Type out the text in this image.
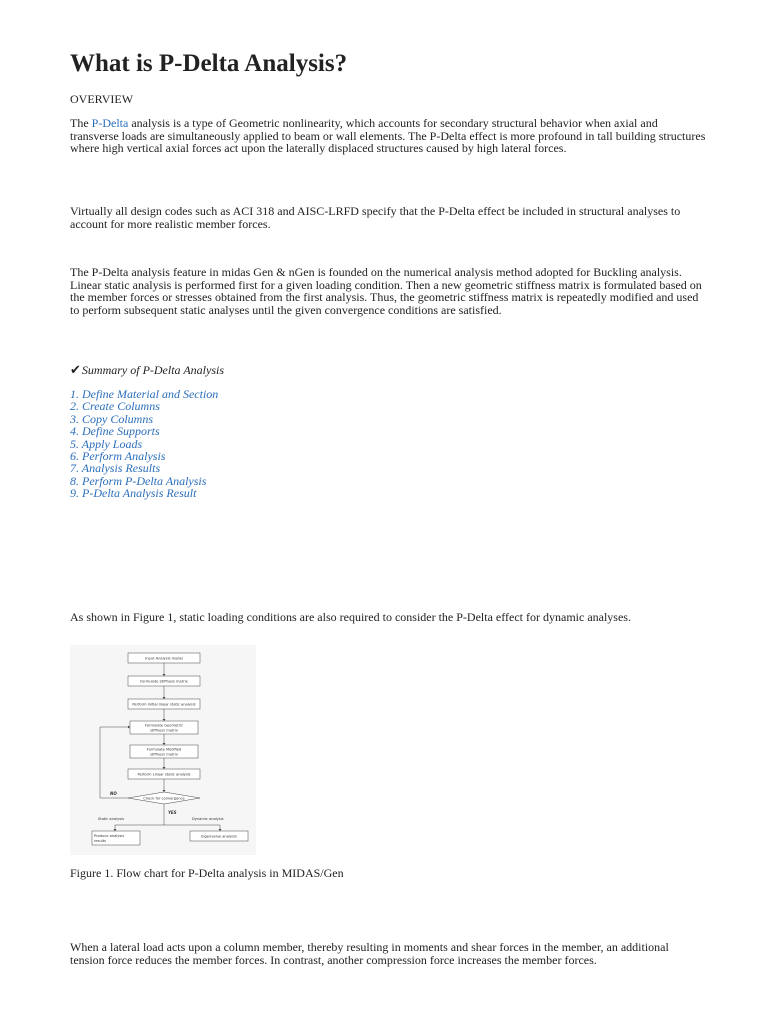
What is P-Delta Analysis?

OVERVIEW

The P-Delta analysis is a type of Geometric nonlinearity, which accounts for secondary structural behavior when axial and transverse loads are simultaneously applied to beam or wall elements. The P-Delta effect is more profound in tall building structures where high vertical axial forces act upon the laterally displaced structures caused by high lateral forces.

Virtually all design codes such as ACI 318 and AISC-LRFD specify that the P-Delta effect be included in structural analyses to account for more realistic member forces.

The P-Delta analysis feature in midas Gen & nGen is founded on the numerical analysis method adopted for Buckling analysis. Linear static analysis is performed first for a given loading condition. Then a new geometric stiffness matrix is formulated based on the member forces or stresses obtained from the first analysis. Thus, the geometric stiffness matrix is repeatedly modified and used to perform subsequent static analyses until the given convergence conditions are satisfied.

✔Summary of P-Delta Analysis

1. Define Material and Section
2. Create Columns
3. Copy Columns
4. Define Supports
5. Apply Loads
6. Perform Analysis
7. Analysis Results
8. Perform P-Delta Analysis
9. P-Delta Analysis Result

As shown in Figure 1, static loading conditions are also required to consider the P-Delta effect for dynamic analyses.

Input Analysis model
Formulate Stiffness matrix
Perform Initial linear static analysis
Formulate Geometric
stiffness matrix
Formulate Modified
stiffness matrix
Perform Linear static analysis
Check for convergence
Static analysis	Dynamic analysis
Produce analysis
results
Eigenvalue analysis
NO
YES

Figure 1. Flow chart for P-Delta analysis in MIDAS/Gen

When a lateral load acts upon a column member, thereby resulting in moments and shear forces in the member, an additional tension force reduces the member forces. In contrast, another compression force increases the member forces.
